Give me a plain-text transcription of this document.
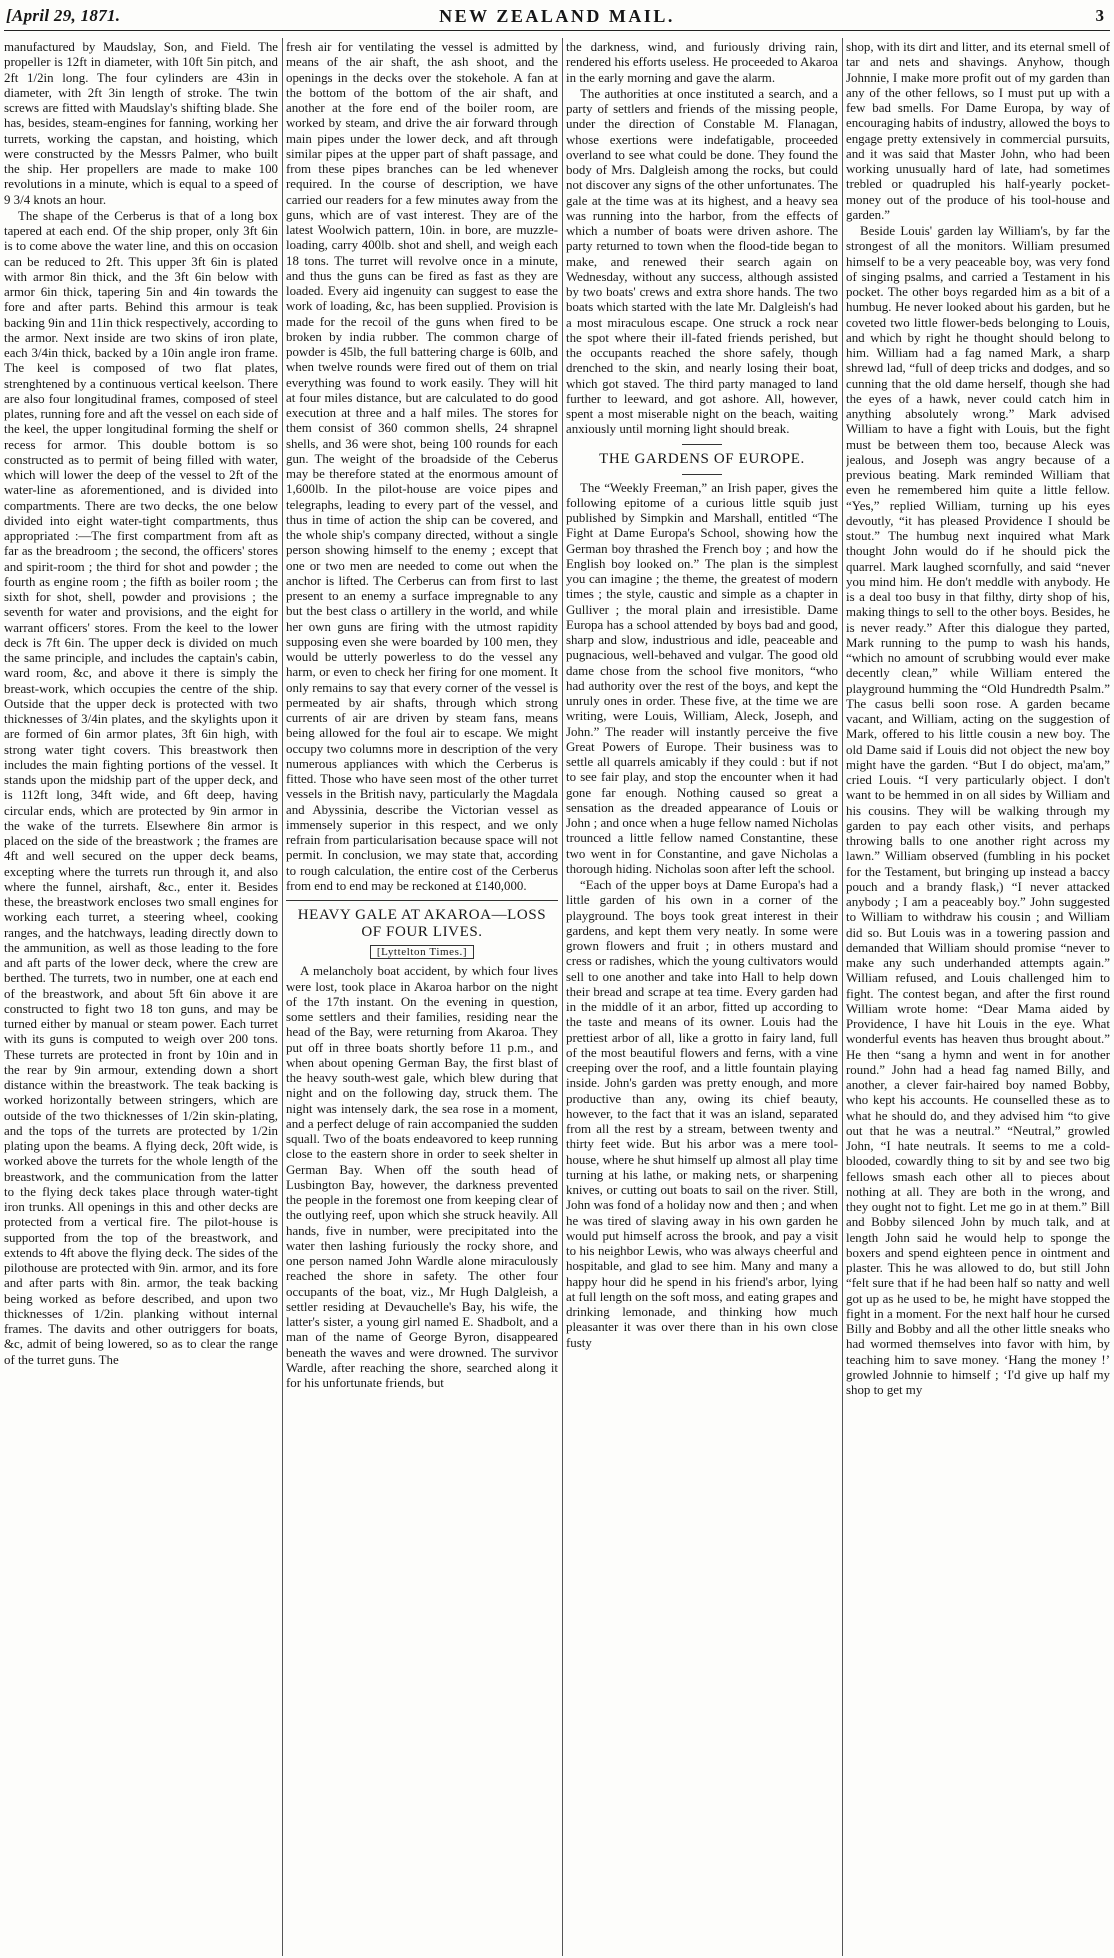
[April 29, 1871.	NEW ZEALAND MAIL.	3

manufactured by Maudslay, Son, and Field. The propeller is 12ft in diameter, with 10ft 5in pitch, and 2ft 1/2in long. The four cylinders are 43in in diameter, with 2ft 3in length of stroke. The twin screws are fitted with Maudslay's shifting blade. She has, besides, steam-engines for fanning, working her turrets, working the capstan, and hoisting, which were constructed by the Messrs Palmer, who built the ship. Her propellers are made to make 100 revolutions in a minute, which is equal to a speed of 9 3/4 knots an hour.

The shape of the Cerberus is that of a long box tapered at each end. Of the ship proper, only 3ft 6in is to come above the water line, and this on occasion can be reduced to 2ft. This upper 3ft 6in is plated with armor 8in thick, and the 3ft 6in below with armor 6in thick, tapering 5in and 4in towards the fore and after parts. Behind this armour is teak backing 9in and 11in thick respectively, according to the armor. Next inside are two skins of iron plate, each 3/4in thick, backed by a 10in angle iron frame. The keel is composed of two flat plates, strenghtened by a continuous vertical keelson. There are also four longitudinal frames, composed of steel plates, running fore and aft the vessel on each side of the keel, the upper longitudinal forming the shelf or recess for armor. This double bottom is so constructed as to permit of being filled with water, which will lower the deep of the vessel to 2ft of the water-line as aforementioned, and is divided into compartments. There are two decks, the one below divided into eight water-tight compartments, thus appropriated :—The first compartment from aft as far as the breadroom ; the second, the officers' stores and spirit-room ; the third for shot and powder ; the fourth as engine room ; the fifth as boiler room ; the sixth for shot, shell, powder and provisions ; the seventh for water and provisions, and the eight for warrant officers' stores. From the keel to the lower deck is 7ft 6in. The upper deck is divided on much the same principle, and includes the captain's cabin, ward room, &c, and above it there is simply the breast-work, which occupies the centre of the ship. Outside that the upper deck is protected with two thicknesses of 3/4in plates, and the skylights upon it are formed of 6in armor plates, 3ft 6in high, with strong water tight covers. This breastwork then includes the main fighting portions of the vessel. It stands upon the midship part of the upper deck, and is 112ft long, 34ft wide, and 6ft deep, having circular ends, which are protected by 9in armor in the wake of the turrets. Elsewhere 8in armor is placed on the side of the breastwork ; the frames are 4ft and well secured on the upper deck beams, excepting where the turrets run through it, and also where the funnel, airshaft, &c., enter it. Besides these, the breastwork encloses two small engines for working each turret, a steering wheel, cooking ranges, and the hatchways, leading directly down to the ammunition, as well as those leading to the fore and aft parts of the lower deck, where the crew are berthed. The turrets, two in number, one at each end of the breastwork, and about 5ft 6in above it are constructed to fight two 18 ton guns, and may be turned either by manual or steam power. Each turret with its guns is computed to weigh over 200 tons. These turrets are protected in front by 10in and in the rear by 9in armour, extending down a short distance within the breastwork. The teak backing is worked horizontally between stringers, which are outside of the two thicknesses of 1/2in skin-plating, and the tops of the turrets are protected by 1/2in plating upon the beams. A flying deck, 20ft wide, is worked above the turrets for the whole length of the breastwork, and the communication from the latter to the flying deck takes place through water-tight iron trunks. All openings in this and other decks are protected from a vertical fire. The pilot-house is supported from the top of the breastwork, and extends to 4ft above the flying deck. The sides of the pilothouse are protected with 9in. armor, and its fore and after parts with 8in. armor, the teak backing being worked as before described, and upon two thicknesses of 1/2in. planking without internal frames. The davits and other outriggers for boats, &c, admit of being lowered, so as to clear the range of the turret guns. The

fresh air for ventilating the vessel is admitted by means of the air shaft, the ash shoot, and the openings in the decks over the stokehole. A fan at the bottom of the bottom of the air shaft, and another at the fore end of the boiler room, are worked by steam, and drive the air forward through main pipes under the lower deck, and aft through similar pipes at the upper part of shaft passage, and from these pipes branches can be led whenever required. In the course of description, we have carried our readers for a few minutes away from the guns, which are of vast interest. They are of the latest Woolwich pattern, 10in. in bore, are muzzle-loading, carry 400lb. shot and shell, and weigh each 18 tons. The turret will revolve once in a minute, and thus the guns can be fired as fast as they are loaded. Every aid ingenuity can suggest to ease the work of loading, &c, has been supplied. Provision is made for the recoil of the guns when fired to be broken by india rubber. The common charge of powder is 45lb, the full battering charge is 60lb, and when twelve rounds were fired out of them on trial everything was found to work easily. They will hit at four miles distance, but are calculated to do good execution at three and a half miles. The stores for them consist of 360 common shells, 24 shrapnel shells, and 36 were shot, being 100 rounds for each gun. The weight of the broadside of the Ceberus may be therefore stated at the enormous amount of 1,600lb. In the pilot-house are voice pipes and telegraphs, leading to every part of the vessel, and thus in time of action the ship can be covered, and the whole ship's company directed, without a single person showing himself to the enemy ; except that one or two men are needed to come out when the anchor is lifted. The Cerberus can from first to last present to an enemy a surface impregnable to any but the best class o artillery in the world, and while her own guns are firing with the utmost rapidity supposing even she were boarded by 100 men, they would be utterly powerless to do the vessel any harm, or even to check her firing for one moment. It only remains to say that every corner of the vessel is permeated by air shafts, through which strong currents of air are driven by steam fans, means being allowed for the foul air to escape. We might occupy two columns more in description of the very numerous appliances with which the Cerberus is fitted. Those who have seen most of the other turret vessels in the British navy, particularly the Magdala and Abyssinia, describe the Victorian vessel as immensely superior in this respect, and we only refrain from particularisation because space will not permit. In conclusion, we may state that, according to rough calculation, the entire cost of the Cerberus from end to end may be reckoned at £140,000.

HEAVY GALE AT AKAROA—LOSS OF FOUR LIVES.
[Lyttelton Times.]

A melancholy boat accident, by which four lives were lost, took place in Akaroa harbor on the night of the 17th instant. On the evening in question, some settlers and their families, residing near the head of the Bay, were returning from Akaroa. They put off in three boats shortly before 11 p.m., and when about opening German Bay, the first blast of the heavy south-west gale, which blew during that night and on the following day, struck them. The night was intensely dark, the sea rose in a moment, and a perfect deluge of rain accompanied the sudden squall. Two of the boats endeavored to keep running close to the eastern shore in order to seek shelter in German Bay. When off the south head of Lusbington Bay, however, the darkness prevented the people in the foremost one from keeping clear of the outlying reef, upon which she struck heavily. All hands, five in number, were precipitated into the water then lashing furiously the rocky shore, and one person named John Wardle alone miraculously reached the shore in safety. The other four occupants of the boat, viz., Mr Hugh Dalgleish, a settler residing at Devauchelle's Bay, his wife, the latter's sister, a young girl named E. Shadbolt, and a man of the name of George Byron, disappeared beneath the waves and were drowned. The survivor Wardle, after reaching the shore, searched along it for his unfortunate friends, but

the darkness, wind, and furiously driving rain, rendered his efforts useless. He proceeded to Akaroa in the early morning and gave the alarm.

The authorities at once instituted a search, and a party of settlers and friends of the missing people, under the direction of Constable M. Flanagan, whose exertions were indefatigable, proceeded overland to see what could be done. They found the body of Mrs. Dalgleish among the rocks, but could not discover any signs of the other unfortunates. The gale at the time was at its highest, and a heavy sea was running into the harbor, from the effects of which a number of boats were driven ashore. The party returned to town when the flood-tide began to make, and renewed their search again on Wednesday, without any success, although assisted by two boats' crews and extra shore hands. The two boats which started with the late Mr. Dalgleish's had a most miraculous escape. One struck a rock near the spot where their ill-fated friends perished, but the occupants reached the shore safely, though drenched to the skin, and nearly losing their boat, which got staved. The third party managed to land further to leeward, and got ashore. All, however, spent a most miserable night on the beach, waiting anxiously until morning light should break.

THE GARDENS OF EUROPE.

The “Weekly Freeman,” an Irish paper, gives the following epitome of a curious little squib just published by Simpkin and Marshall, entitled “The Fight at Dame Europa's School, showing how the German boy thrashed the French boy ; and how the English boy looked on.” The plan is the simplest you can imagine ; the theme, the greatest of modern times ; the style, caustic and simple as a chapter in Gulliver ; the moral plain and irresistible. Dame Europa has a school attended by boys bad and good, sharp and slow, industrious and idle, peaceable and pugnacious, well-behaved and vulgar. The good old dame chose from the school five monitors, “who had authority over the rest of the boys, and kept the unruly ones in order. These five, at the time we are writing, were Louis, William, Aleck, Joseph, and John.” The reader will instantly perceive the five Great Powers of Europe. Their business was to settle all quarrels amicably if they could : but if not to see fair play, and stop the encounter when it had gone far enough. Nothing caused so great a sensation as the dreaded appearance of Louis or John ; and once when a huge fellow named Nicholas trounced a little fellow named Constantine, these two went in for Constantine, and gave Nicholas a thorough hiding. Nicholas soon after left the school.

“Each of the upper boys at Dame Europa's had a little garden of his own in a corner of the playground. The boys took great interest in their gardens, and kept them very neatly. In some were grown flowers and fruit ; in others mustard and cress or radishes, which the young cultivators would sell to one another and take into Hall to help down their bread and scrape at tea time. Every garden had in the middle of it an arbor, fitted up according to the taste and means of its owner. Louis had the prettiest arbor of all, like a grotto in fairy land, full of the most beautiful flowers and ferns, with a vine creeping over the roof, and a little fountain playing inside. John's garden was pretty enough, and more productive than any, owing its chief beauty, however, to the fact that it was an island, separated from all the rest by a stream, between twenty and thirty feet wide. But his arbor was a mere tool-house, where he shut himself up almost all play time turning at his lathe, or making nets, or sharpening knives, or cutting out boats to sail on the river. Still, John was fond of a holiday now and then ; and when he was tired of slaving away in his own garden he would put himself across the brook, and pay a visit to his neighbor Lewis, who was always cheerful and hospitable, and glad to see him. Many and many a happy hour did he spend in his friend's arbor, lying at full length on the soft moss, and eating grapes and drinking lemonade, and thinking how much pleasanter it was over there than in his own close fusty

shop, with its dirt and litter, and its eternal smell of tar and nets and shavings. Anyhow, though Johnnie, I make more profit out of my garden than any of the other fellows, so I must put up with a few bad smells. For Dame Europa, by way of encouraging habits of industry, allowed the boys to engage pretty extensively in commercial pursuits, and it was said that Master John, who had been working unusually hard of late, had sometimes trebled or quadrupled his half-yearly pocket-money out of the produce of his tool-house and garden.”

Beside Louis' garden lay William's, by far the strongest of all the monitors. William presumed himself to be a very peaceable boy, was very fond of singing psalms, and carried a Testament in his pocket. The other boys regarded him as a bit of a humbug. He never looked about his garden, but he coveted two little flower-beds belonging to Louis, and which by right he thought should belong to him. William had a fag named Mark, a sharp shrewd lad, “full of deep tricks and dodges, and so cunning that the old dame herself, though she had the eyes of a hawk, never could catch him in anything absolutely wrong.” Mark advised William to have a fight with Louis, but the fight must be between them too, because Aleck was jealous, and Joseph was angry because of a previous beating. Mark reminded William that even he remembered him quite a little fellow. “Yes,” replied William, turning up his eyes devoutly, “it has pleased Providence I should be stout.” The humbug next inquired what Mark thought John would do if he should pick the quarrel. Mark laughed scornfully, and said “never you mind him. He don't meddle with anybody. He is a deal too busy in that filthy, dirty shop of his, making things to sell to the other boys. Besides, he is never ready.” After this dialogue they parted, Mark running to the pump to wash his hands, “which no amount of scrubbing would ever make decently clean,” while William entered the playground humming the “Old Hundredth Psalm.” The casus belli soon rose. A garden became vacant, and William, acting on the suggestion of Mark, offered to his little cousin a new boy. The old Dame said if Louis did not object the new boy might have the garden. “But I do object, ma'am,” cried Louis. “I very particularly object. I don't want to be hemmed in on all sides by William and his cousins. They will be walking through my garden to pay each other visits, and perhaps throwing balls to one another right across my lawn.” William observed (fumbling in his pocket for the Testament, but bringing up instead a baccy pouch and a brandy flask,) “I never attacked anybody ; I am a peaceably boy.” John suggested to William to withdraw his cousin ; and William did so. But Louis was in a towering passion and demanded that William should promise “never to make any such underhanded attempts again.” William refused, and Louis challenged him to fight. The contest began, and after the first round William wrote home: “Dear Mama aided by Providence, I have hit Louis in the eye. What wonderful events has heaven thus brought about.” He then “sang a hymn and went in for another round.” John had a head fag named Billy, and another, a clever fair-haired boy named Bobby, who kept his accounts. He counselled these as to what he should do, and they advised him “to give out that he was a neutral.” “Neutral,” growled John, “I hate neutrals. It seems to me a cold-blooded, cowardly thing to sit by and see two big fellows smash each other all to pieces about nothing at all. They are both in the wrong, and they ought not to fight. Let me go in at them.” Bill and Bobby silenced John by much talk, and at length John said he would help to sponge the boxers and spend eighteen pence in ointment and plaster. This he was allowed to do, but still John “felt sure that if he had been half so natty and well got up as he used to be, he might have stopped the fight in a moment. For the next half hour he cursed Billy and Bobby and all the other little sneaks who had wormed themselves into favor with him, by teaching him to save money. ‘Hang the money !’ growled Johnnie to himself ; ‘I'd give up half my shop to get my
